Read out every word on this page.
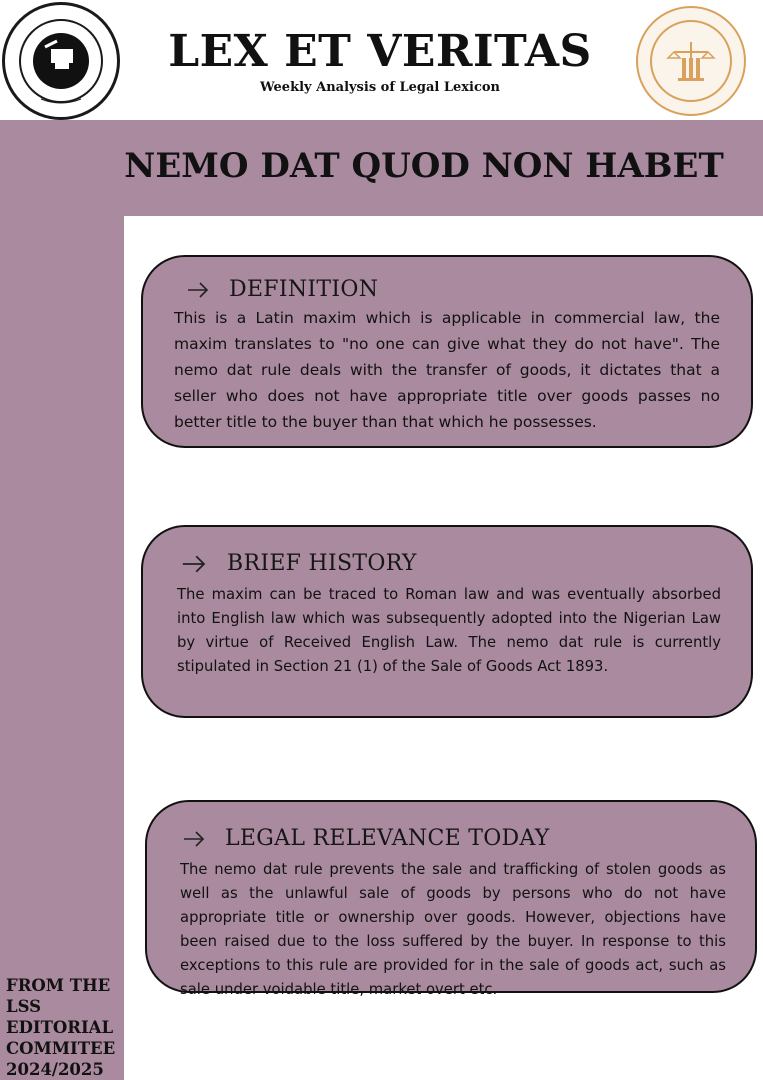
LEX ET VERITAS
Weekly Analysis of Legal Lexicon
NEMO DAT QUOD NON HABET
DEFINITION

This is a Latin maxim which is applicable in commercial law, the maxim translates to "no one can give what they do not have". The nemo dat rule deals with the transfer of goods, it dictates that a seller who does not have appropriate title over goods passes no better title to the buyer than that which he possesses.

BRIEF HISTORY

The maxim can be traced to Roman law and was eventually absorbed into English law which was subsequently adopted into the Nigerian Law by virtue of Received English Law. The nemo dat rule is currently stipulated in Section 21 (1) of the Sale of Goods Act 1893.

LEGAL RELEVANCE TODAY

The nemo dat rule prevents the sale and trafficking of stolen goods as well as the unlawful sale of goods by persons who do not have appropriate title or ownership over goods. However, objections have been raised due to the loss suffered by the buyer. In response to this exceptions to this rule are provided for in the sale of goods act, such as sale under voidable title, market overt etc.

FROM THE
LSS
EDITORIAL
COMMITEE
2024/2025
